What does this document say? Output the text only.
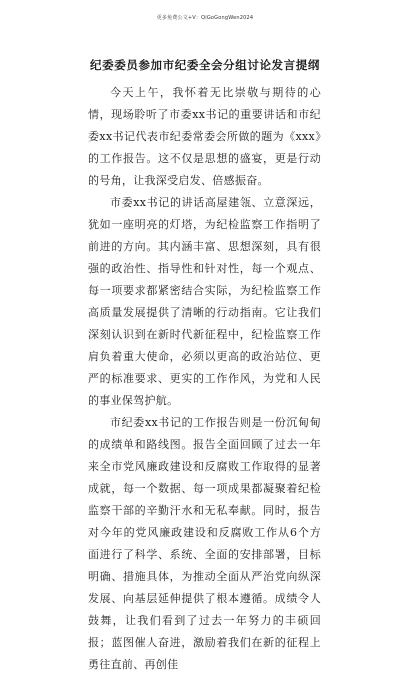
更多免费公文+V：QiGoGongWen2024
纪委委员参加市纪委全会分组讨论发言提纲

今天上午，我怀着无比崇敬与期待的心情，现场聆听了市委xx书记的重要讲话和市纪委xx书记代表市纪委常委会所做的题为《xxx》的工作报告。这不仅是思想的盛宴，更是行动的号角，让我深受启发、倍感振奋。

市委xx书记的讲话高屋建瓴、立意深远，犹如一座明亮的灯塔，为纪检监察工作指明了前进的方向。其内涵丰富、思想深刻，具有很强的政治性、指导性和针对性，每一个观点、每一项要求都紧密结合实际，为纪检监察工作高质量发展提供了清晰的行动指南。它让我们深刻认识到在新时代新征程中，纪检监察工作肩负着重大使命，必须以更高的政治站位、更严的标准要求、更实的工作作风，为党和人民的事业保驾护航。

市纪委xx书记的工作报告则是一份沉甸甸的成绩单和路线图。报告全面回顾了过去一年来全市党风廉政建设和反腐败工作取得的显著成就，每一个数据、每一项成果都凝聚着纪检监察干部的辛勤汗水和无私奉献。同时，报告对今年的党风廉政建设和反腐败工作从6个方面进行了科学、系统、全面的安排部署，目标明确、措施具体，为推动全面从严治党向纵深发展、向基层延伸提供了根本遵循。成绩令人鼓舞，让我们看到了过去一年努力的丰硕回报；蓝图催人奋进，激励着我们在新的征程上勇往直前、再创佳
